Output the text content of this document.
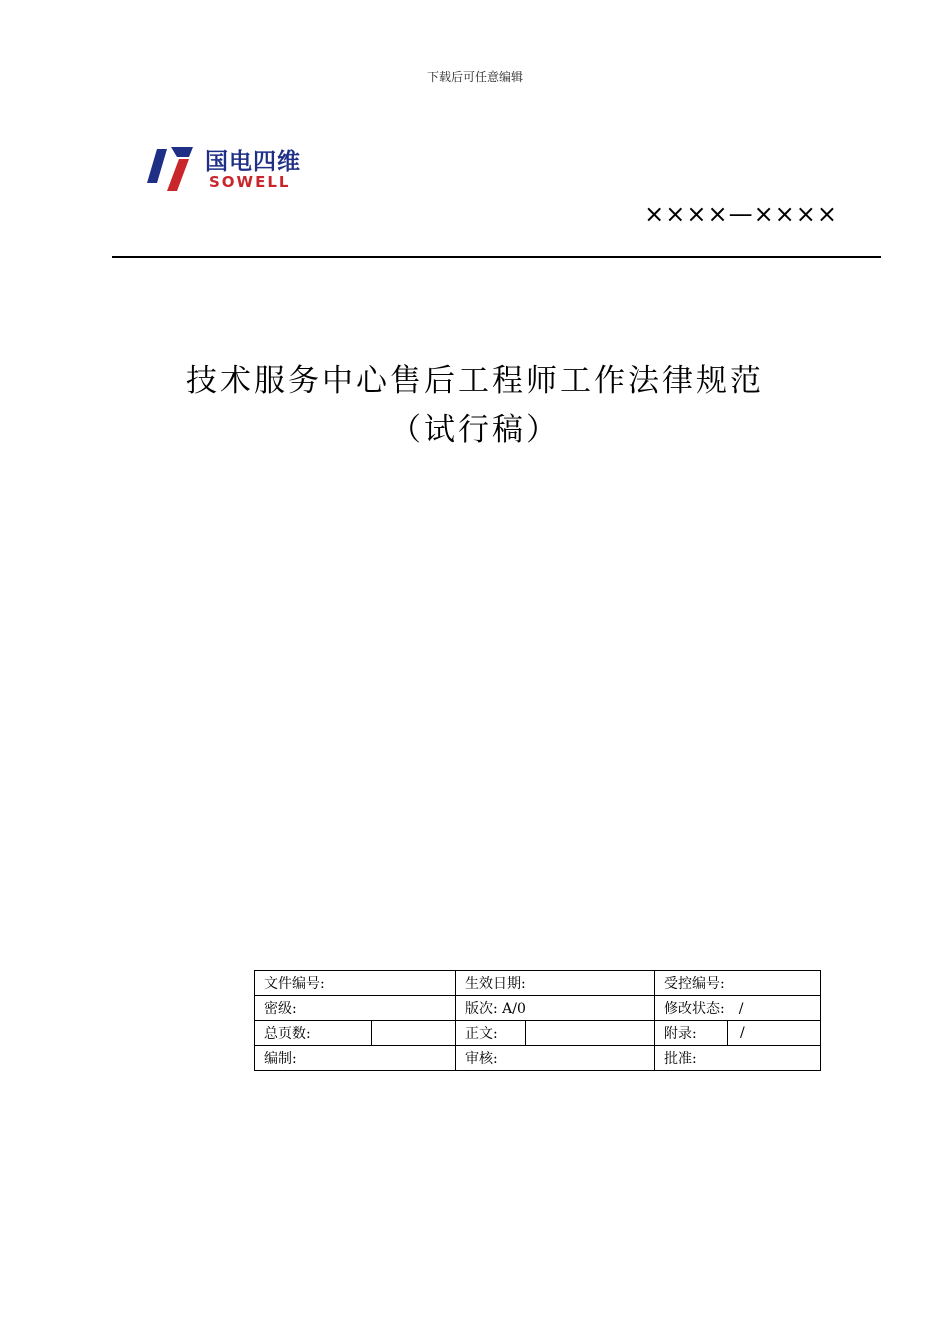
下载后可任意编辑
国电四维
SOWELL
××××—××××
技术服务中心售后工程师工作法律规范
（试行稿）
文件编号:		生效日期:		受控编号:	
密级:		版次: A/0		修改状态: /	
总页数:		正文:		附录:	/
编制:		审核:		批准:	
